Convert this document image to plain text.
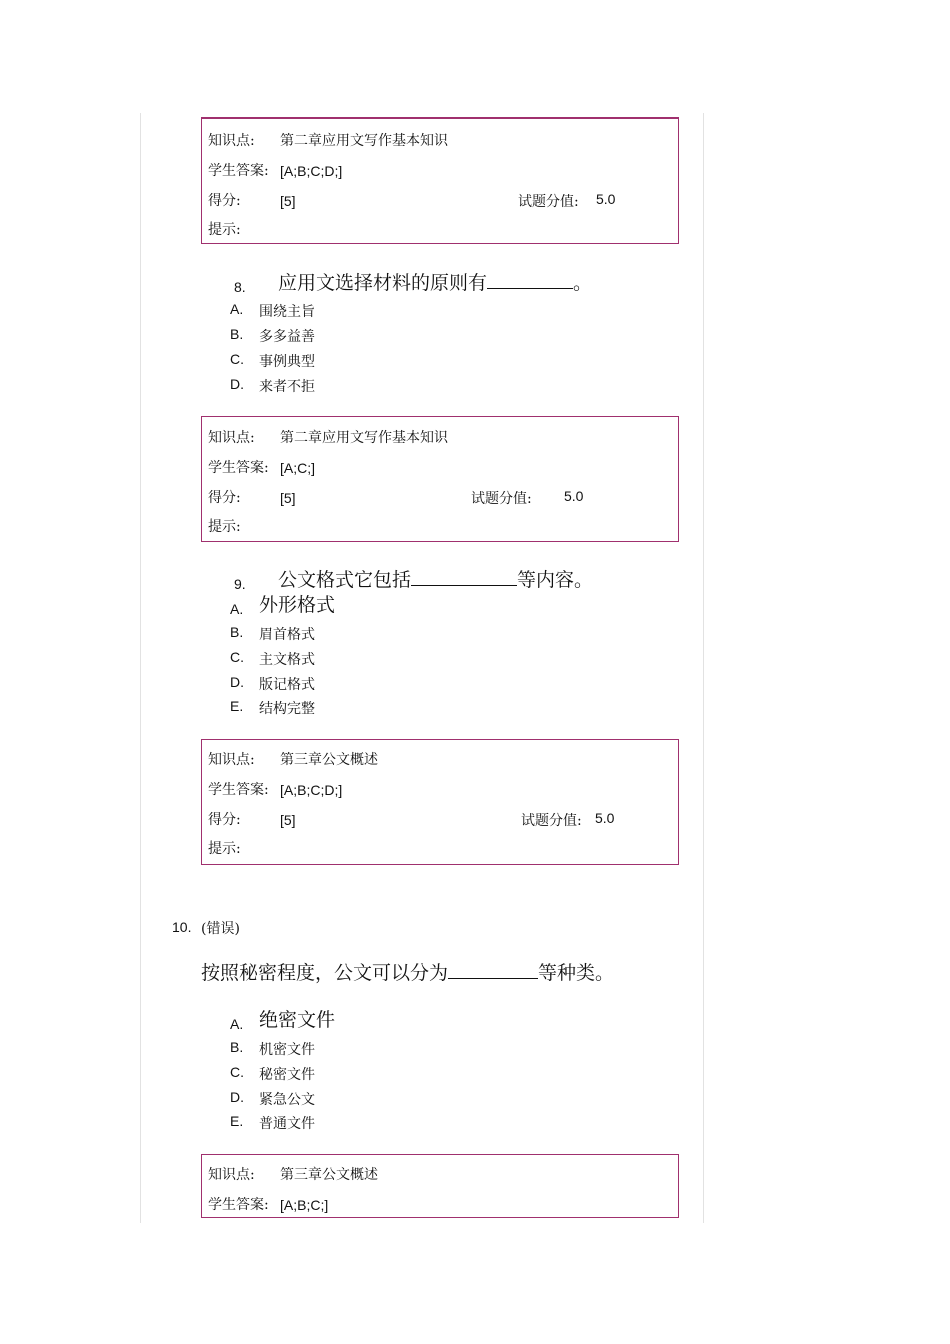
知识点: 第二章应用文写作基本知识
学生答案: [A;B;C;D;]
得分:	[5]	试题分值: 5.0
提示:
8. 应用文选择材料的原则有	。
A. 围绕主旨
B. 多多益善
C. 事例典型
D. 来者不拒
知识点: 第二章应用文写作基本知识
学生答案: [A;C;]
得分:	[5]	试题分值: 5.0
提示:
9. 公文格式它包括	等内容。
A. 外形格式
B. 眉首格式
C. 主文格式
D. 版记格式
E. 结构完整
知识点: 第三章公文概述
学生答案: [A;B;C;D;]
得分:	[5]	试题分值: 5.0
提示:
10. (错误)
按照秘密程度，公文可以分为	等种类。
A. 绝密文件
B. 机密文件
C. 秘密文件
D. 紧急公文
E. 普通文件
知识点: 第三章公文概述
学生答案: [A;B;C;]
